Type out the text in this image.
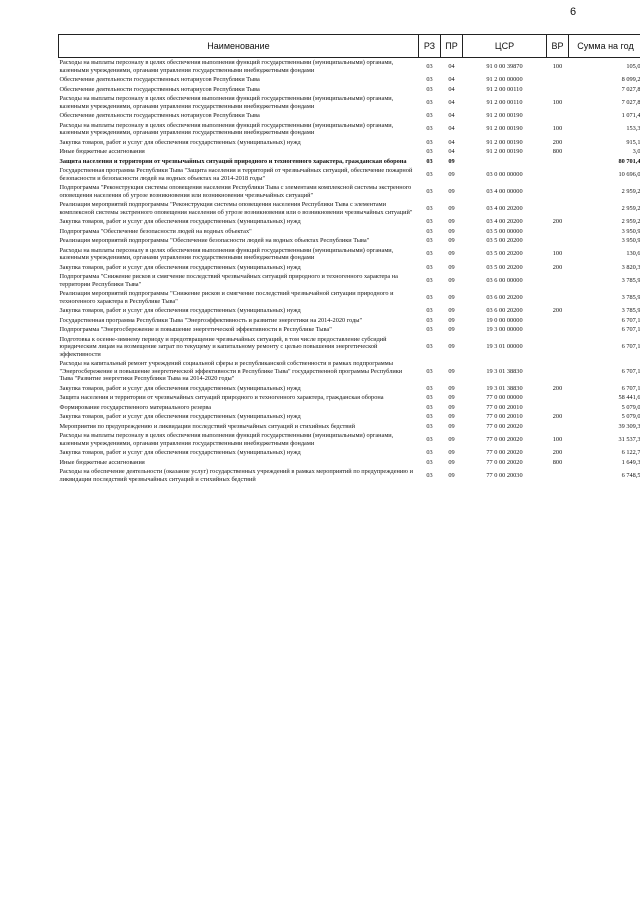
6
Наименование	РЗ	ПР	ЦСР	ВР	Сумма на год
Расходы на выплаты персоналу в целях обеспечения выполнения функций государственными (муниципальными) органами, казенными учреждениями, органами управления государственными внебюджетными фондами	03	04	91 0 00 39870	100	105,0
Обеспечение деятельности государственных нотариусов Республики Тыва	03	04	91 2 00 00000		8 099,2
Обеспечение деятельности государственных нотариусов Республики Тыва	03	04	91 2 00 00110		7 027,8
Расходы на выплаты персоналу в целях обеспечения выполнения функций государственными (муниципальными) органами, казенными учреждениями, органами управления государственными внебюджетными фондами	03	04	91 2 00 00110	100	7 027,8
Обеспечение деятельности государственных нотариусов Республики Тыва	03	04	91 2 00 00190		1 071,4
Расходы на выплаты персоналу в целях обеспечения выполнения функций государственными (муниципальными) органами, казенными учреждениями, органами управления государственными внебюджетными фондами	03	04	91 2 00 00190	100	153,3
Закупка товаров, работ и услуг для обеспечения государственных (муниципальных) нужд	03	04	91 2 00 00190	200	915,1
Иные бюджетные ассигнования	03	04	91 2 00 00190	800	3,0
Защита населения и территории от чрезвычайных ситуаций природного и техногенного характера, гражданская оборона	03	09			80 701,4
Государственная программа Республики Тыва "Защита населения и территорий от чрезвычайных ситуаций, обеспечение пожарной безопасности и безопасности людей на водных объектах на 2014-2018 годы"	03	09	03 0 00 00000		10 696,0
Подпрограмма "Реконструкция системы оповещения населения Республики Тыва с элементами комплексной системы экстренного оповещения населения об угрозе возникновения или возникновении чрезвычайных ситуаций"	03	09	03 4 00 00000		2 959,2
Реализация мероприятий подпрограммы "Реконструкция системы оповещения населения Республики Тыва с элементами комплексной системы экстренного оповещения населения об угрозе возникновения или о возникновении чрезвычайных ситуаций"	03	09	03 4 00 20200		2 959,2
Закупка товаров, работ и услуг для обеспечения государственных (муниципальных) нужд	03	09	03 4 00 20200	200	2 959,2
Подпрограмма "Обеспечение безопасности людей на водных объектах"	03	09	03 5 00 00000		3 950,9
Реализация мероприятий подпрограммы "Обеспечение безопасности людей на водных объектах Республики Тыва"	03	09	03 5 00 20200		3 950,9
Расходы на выплаты персоналу в целях обеспечения выполнения функций государственными (муниципальными) органами, казенными учреждениями, органами управления государственными внебюджетными фондами	03	09	03 5 00 20200	100	130,6
Закупка товаров, работ и услуг для обеспечения государственных (муниципальных) нужд	03	09	03 5 00 20200	200	3 820,3
Подпрограмма "Снижение рисков и смягчение последствий чрезвычайных ситуаций природного и техногенного характера на территории Республики Тыва"	03	09	03 6 00 00000		3 785,9
Реализация мероприятий подпрограммы "Снижение рисков и смягчение последствий чрезвычайной ситуации природного и техногенного характера в Республике Тыва"	03	09	03 6 00 20200		3 785,9
Закупка товаров, работ и услуг для обеспечения государственных (муниципальных) нужд	03	09	03 6 00 20200	200	3 785,9
Государственная программа Республики Тыва "Энергоэффективность и развитие энергетики на 2014-2020 годы"	03	09	19 0 00 00000		6 707,1
Подпрограмма "Энергосбережение и повышение энергетической эффективности в Республике Тыва"	03	09	19 3 00 00000		6 707,1
Подготовка к осенне-зимнему периоду и предотвращение чрезвычайных ситуаций, в том числе предоставление субсидий юридическим лицам на возмещение затрат по текущему и капитальному ремонту с целью повышения энергетической эффективности	03	09	19 3 01 00000		6 707,1
Расходы на капитальный ремонт учреждений социальной сферы и республиканской собственности в рамках подпрограммы "Энергосбережение и повышение энергетической эффективности в Республике Тыва" государственной программы Республики Тыва "Развитие энергетики Республики Тыва на 2014-2020 годы"	03	09	19 3 01 38830		6 707,1
Закупка товаров, работ и услуг для обеспечения государственных (муниципальных) нужд	03	09	19 3 01 38830	200	6 707,1
Защита населения и территории от чрезвычайных ситуаций природного и техногенного характера, гражданская оборона	03	09	77 0 00 00000		58 441,6
Формирование государственного материального резерва	03	09	77 0 00 20010		5 079,0
Закупка товаров, работ и услуг для обеспечения государственных (муниципальных) нужд	03	09	77 0 00 20010	200	5 079,0
Мероприятия по предупреждению и ликвидации последствий чрезвычайных ситуаций и стихийных бедствий	03	09	77 0 00 20020		39 309,3
Расходы на выплаты персоналу в целях обеспечения выполнения функций государственными (муниципальными) органами, казенными учреждениями, органами управления государственными внебюджетными фондами	03	09	77 0 00 20020	100	31 537,3
Закупка товаров, работ и услуг для обеспечения государственных (муниципальных) нужд	03	09	77 0 00 20020	200	6 122,7
Иные бюджетные ассигнования	03	09	77 0 00 20020	800	1 649,3
Расходы на обеспечение деятельности (оказание услуг) государственных учреждений в рамках мероприятий по предупреждению и ликвидации последствий чрезвычайных ситуаций и стихийных бедствий	03	09	77 0 00 20030		6 748,5
